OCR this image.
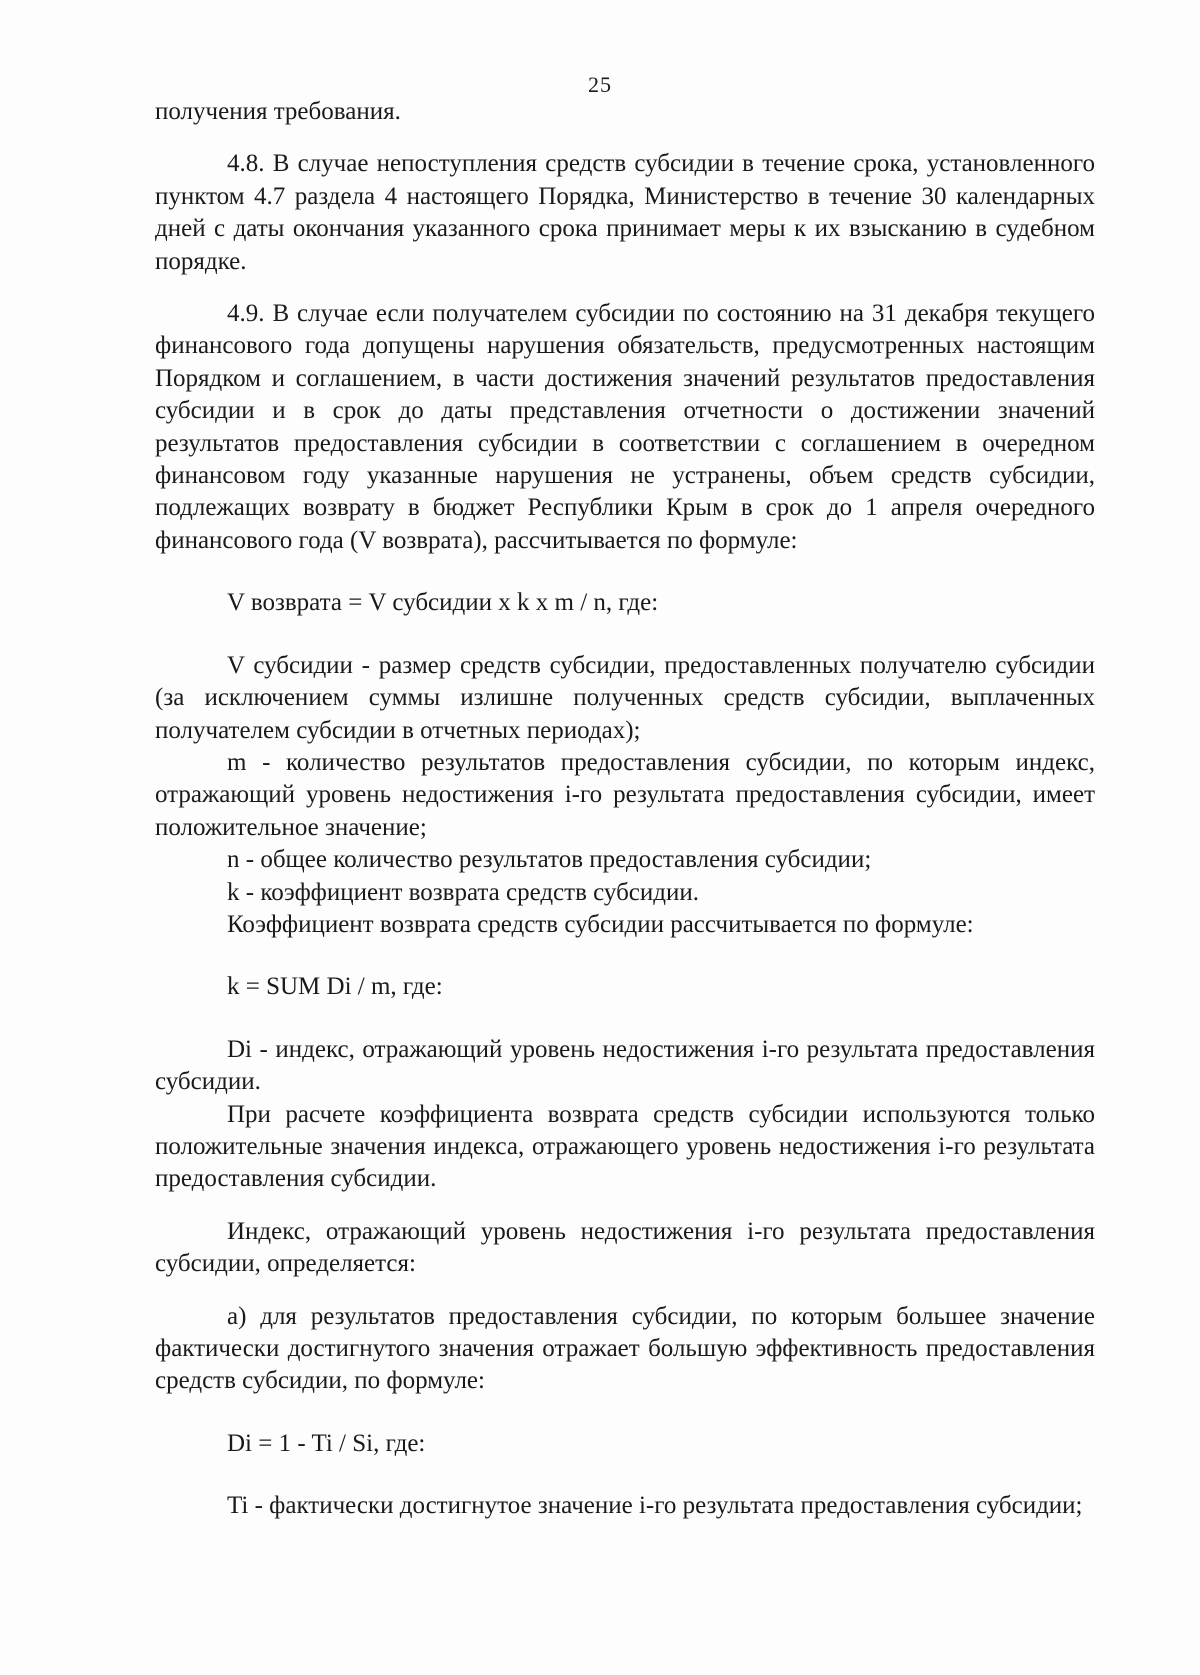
25

получения требования.

4.8. В случае непоступления средств субсидии в течение срока, установленного пунктом 4.7 раздела 4 настоящего Порядка, Министерство в течение 30 календарных дней с даты окончания указанного срока принимает меры к их взысканию в судебном порядке.

4.9. В случае если получателем субсидии по состоянию на 31 декабря текущего финансового года допущены нарушения обязательств, предусмотренных настоящим Порядком и соглашением, в части достижения значений результатов предоставления субсидии и в срок до даты представления отчетности о достижении значений результатов предоставления субсидии в соответствии с соглашением в очередном финансовом году указанные нарушения не устранены, объем средств субсидии, подлежащих возврату в бюджет Республики Крым в срок до 1 апреля очередного финансового года (V возврата), рассчитывается по формуле:

V возврата = V субсидии x k x m / n, где:

V субсидии - размер средств субсидии, предоставленных получателю субсидии (за исключением суммы излишне полученных средств субсидии, выплаченных получателем субсидии в отчетных периодах);

m - количество результатов предоставления субсидии, по которым индекс, отражающий уровень недостижения i-го результата предоставления субсидии, имеет положительное значение;

n - общее количество результатов предоставления субсидии;

k - коэффициент возврата средств субсидии.

Коэффициент возврата средств субсидии рассчитывается по формуле:

k = SUM Di / m, где:

Di - индекс, отражающий уровень недостижения i-го результата предоставления субсидии.

При расчете коэффициента возврата средств субсидии используются только положительные значения индекса, отражающего уровень недостижения i-го результата предоставления субсидии.

Индекс, отражающий уровень недостижения i-го результата предоставления субсидии, определяется:

а) для результатов предоставления субсидии, по которым большее значение фактически достигнутого значения отражает большую эффективность предоставления средств субсидии, по формуле:

Di = 1 - Ti / Si, где:

Ti - фактически достигнутое значение i-го результата предоставления субсидии;
